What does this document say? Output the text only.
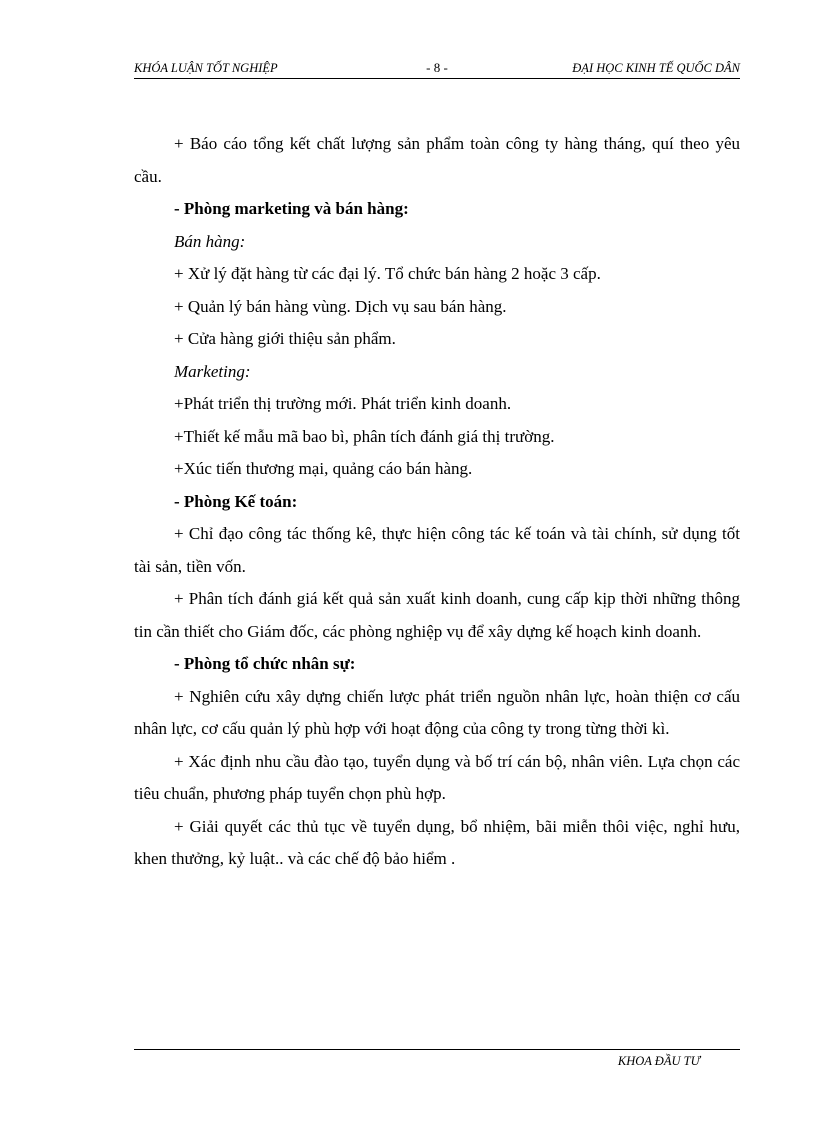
KHÓA LUẬN TỐT NGHIỆP	- 8 -	ĐẠI HỌC KINH TẾ QUỐC DÂN

+ Báo cáo tổng kết chất lượng sản phẩm toàn công ty hàng tháng, quí theo yêu cầu.

- Phòng marketing và bán hàng:

Bán hàng:

+ Xử lý đặt hàng từ các đại lý. Tổ chức bán hàng 2 hoặc 3 cấp.

+ Quản lý bán hàng vùng. Dịch vụ sau bán hàng.

+ Cửa hàng giới thiệu sản phẩm.

Marketing:

+Phát triển thị trường mới. Phát triển kinh doanh.

+Thiết kế mẫu mã bao bì, phân tích đánh giá thị trường.

+Xúc tiến thương mại, quảng cáo bán hàng.

- Phòng Kế toán:

+ Chỉ đạo công tác thống kê, thực hiện công tác kế toán và tài chính, sử dụng tốt tài sản, tiền vốn.

+ Phân tích đánh giá kết quả sản xuất kinh doanh, cung cấp kịp thời những thông tin cần thiết cho Giám đốc, các phòng nghiệp vụ để xây dựng kế hoạch kinh doanh.

- Phòng tổ chức nhân sự:

+ Nghiên cứu xây dựng chiến lược phát triển nguồn nhân lực, hoàn thiện cơ cấu nhân lực, cơ cấu quản lý phù hợp với hoạt động của công ty trong từng thời kì.

+ Xác định nhu cầu đào tạo, tuyển dụng và bố trí cán bộ, nhân viên. Lựa chọn các tiêu chuẩn, phương pháp tuyển chọn phù hợp.

+ Giải quyết các thủ tục về tuyển dụng, bổ nhiệm, bãi miễn thôi việc, nghỉ hưu, khen thưởng, kỷ luật.. và các chế độ bảo hiểm .

KHOA ĐẦU TƯ
